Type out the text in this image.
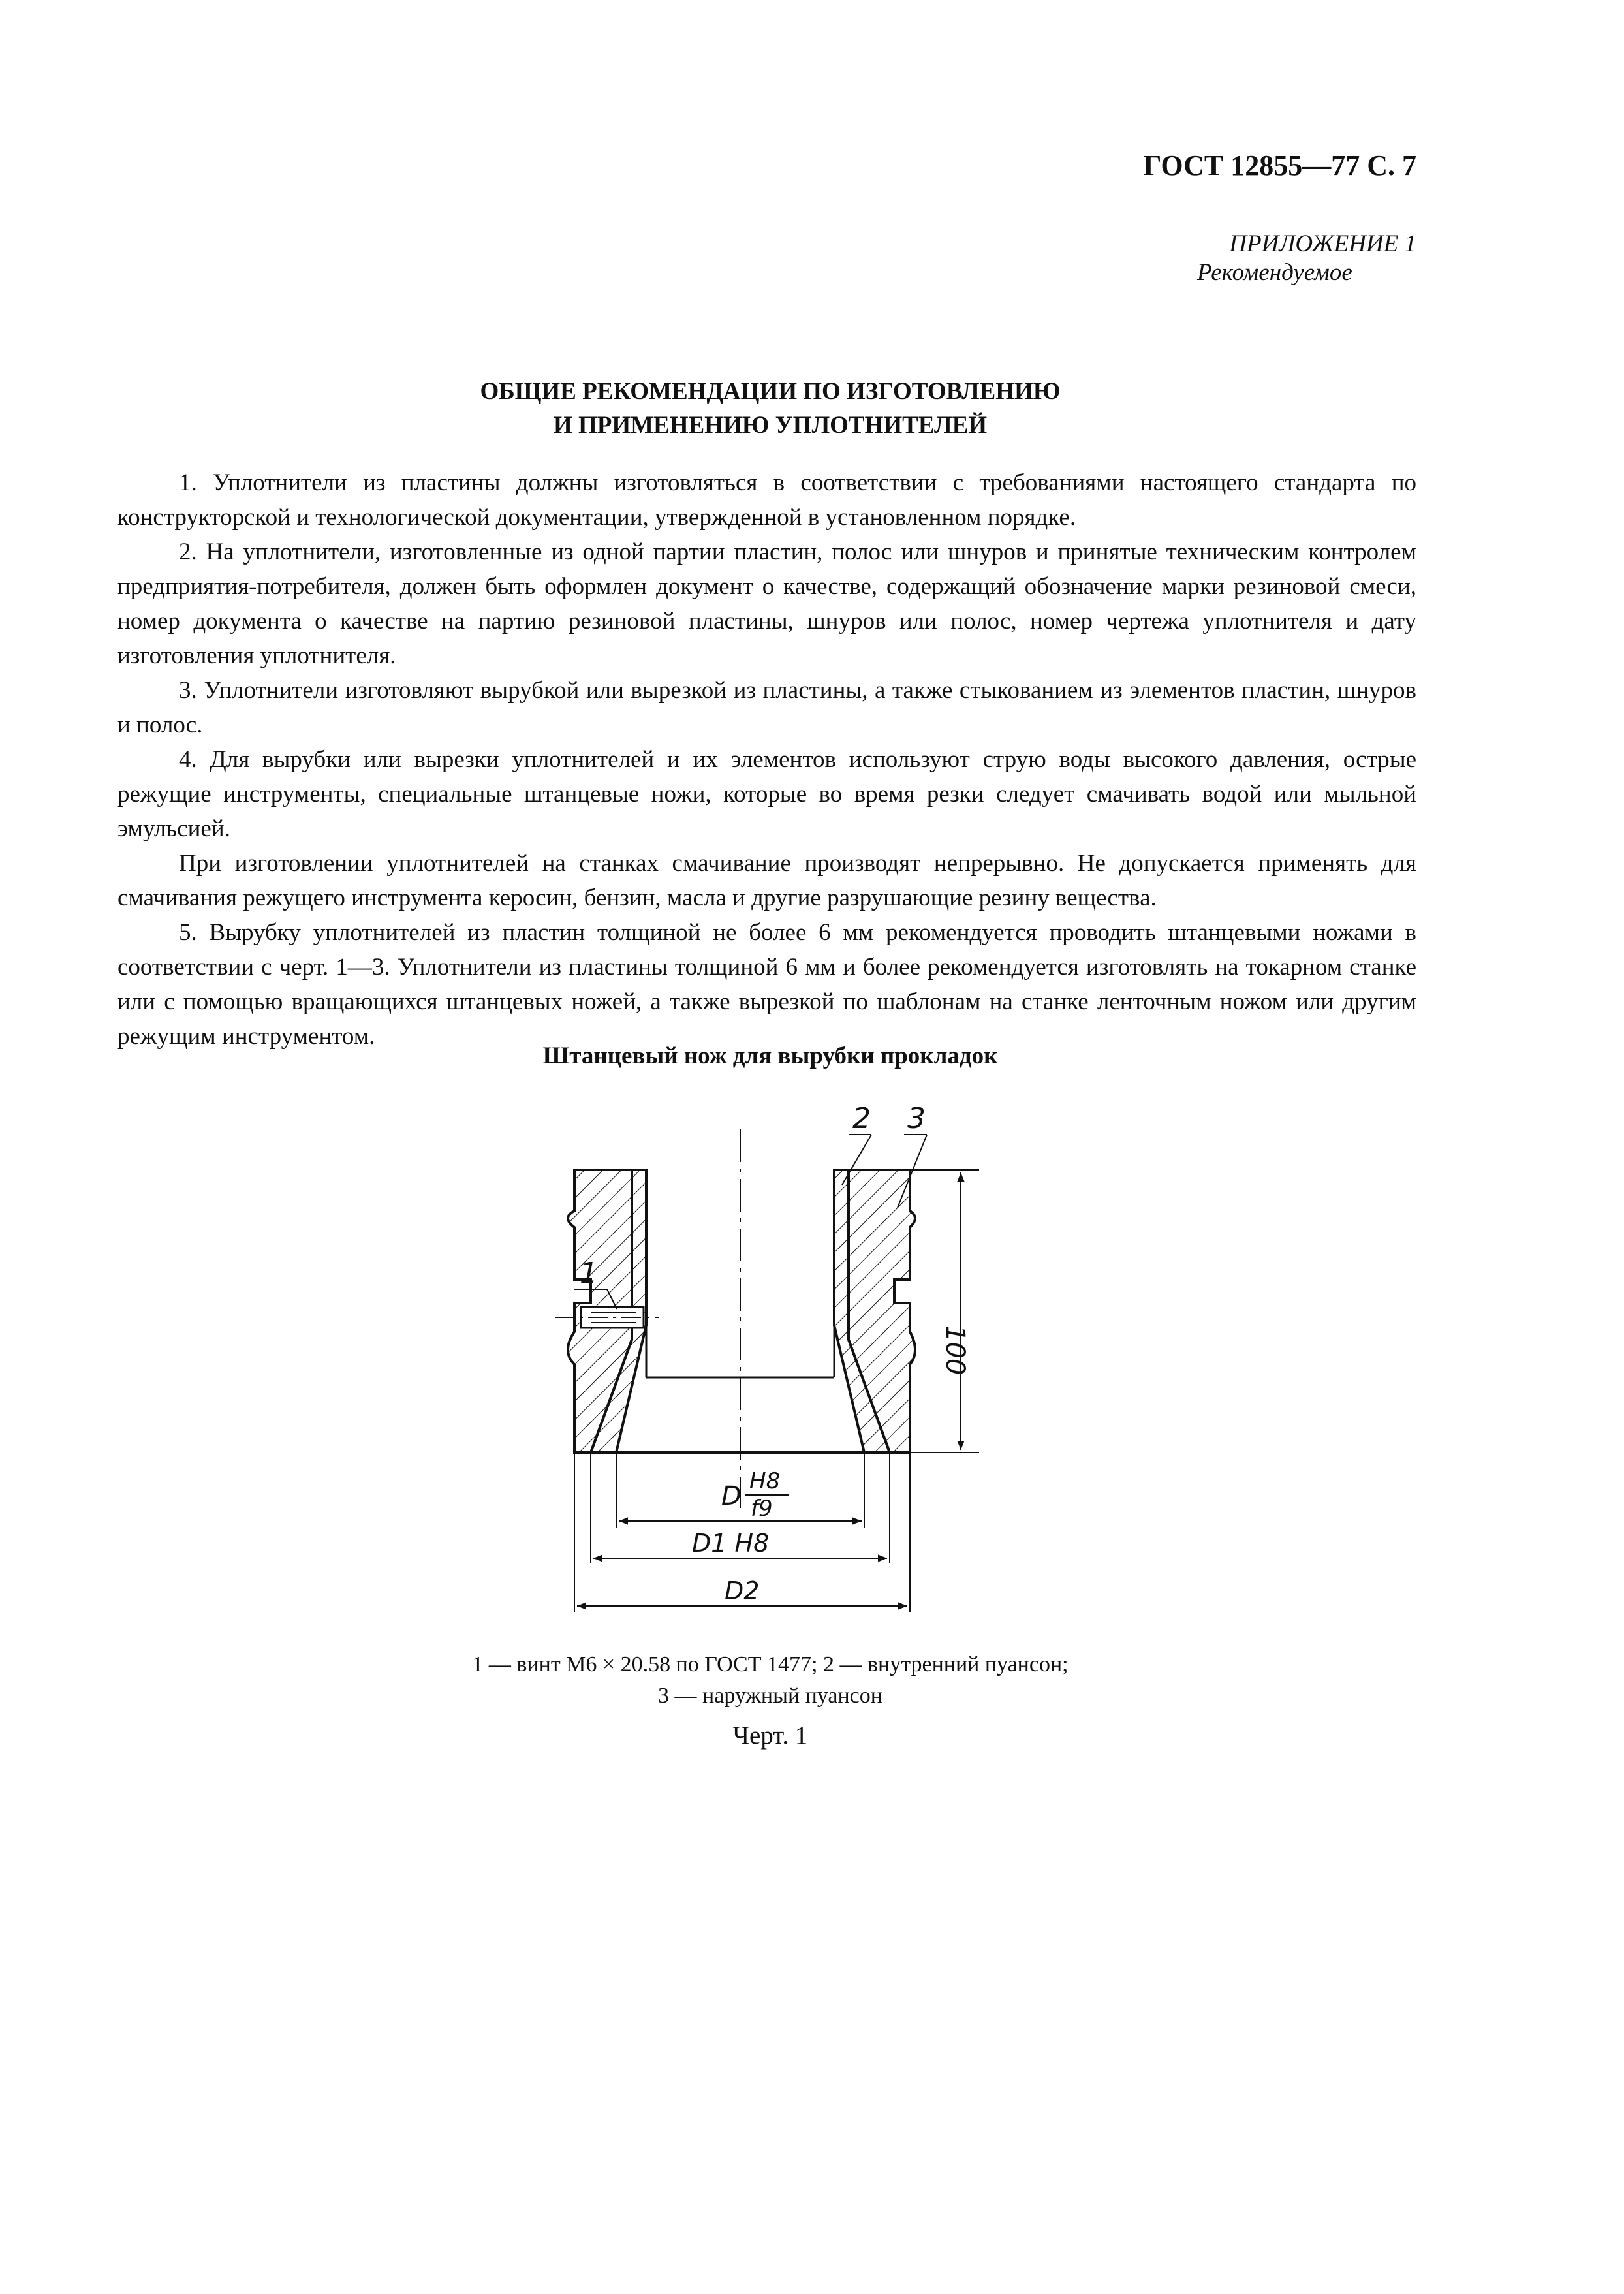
ГОСТ 12855—77 С. 7
ПРИЛОЖЕНИЕ 1
Рекомендуемое
ОБЩИЕ РЕКОМЕНДАЦИИ ПО ИЗГОТОВЛЕНИЮ
И ПРИМЕНЕНИЮ УПЛОТНИТЕЛЕЙ

1. Уплотнители из пластины должны изготовляться в соответствии с требованиями настоящего стандарта по конструкторской и технологической документации, утвержденной в установленном порядке.

2. На уплотнители, изготовленные из одной партии пластин, полос или шнуров и принятые техническим контролем предприятия-потребителя, должен быть оформлен документ о качестве, содержащий обозначение марки резиновой смеси, номер документа о качестве на партию резиновой пластины, шнуров или полос, номер чертежа уплотнителя и дату изготовления уплотнителя.

3. Уплотнители изготовляют вырубкой или вырезкой из пластины, а также стыкованием из элементов пластин, шнуров и полос.

4. Для вырубки или вырезки уплотнителей и их элементов используют струю воды высокого давления, острые режущие инструменты, специальные штанцевые ножи, которые во время резки следует смачивать водой или мыльной эмульсией.

При изготовлении уплотнителей на станках смачивание производят непрерывно. Не допускается применять для смачивания режущего инструмента керосин, бензин, масла и другие разрушающие резину вещества.

5. Вырубку уплотнителей из пластин толщиной не более 6 мм рекомендуется проводить штанцевыми ножами в соответствии с черт. 1—3. Уплотнители из пластины толщиной 6 мм и более рекомендуется изготовлять на токарном станке или с помощью вращающихся штанцевых ножей, а также вырезкой по шаблонам на станке ленточным ножом или другим режущим инструментом.

Штанцевый нож для вырубки прокладок
1
2 3
100
D H8
f9
D1 H8
D2
1 — винт М6 × 20.58 по ГОСТ 1477; 2 — внутренний пуансон;
3 — наружный пуансон
Черт. 1
